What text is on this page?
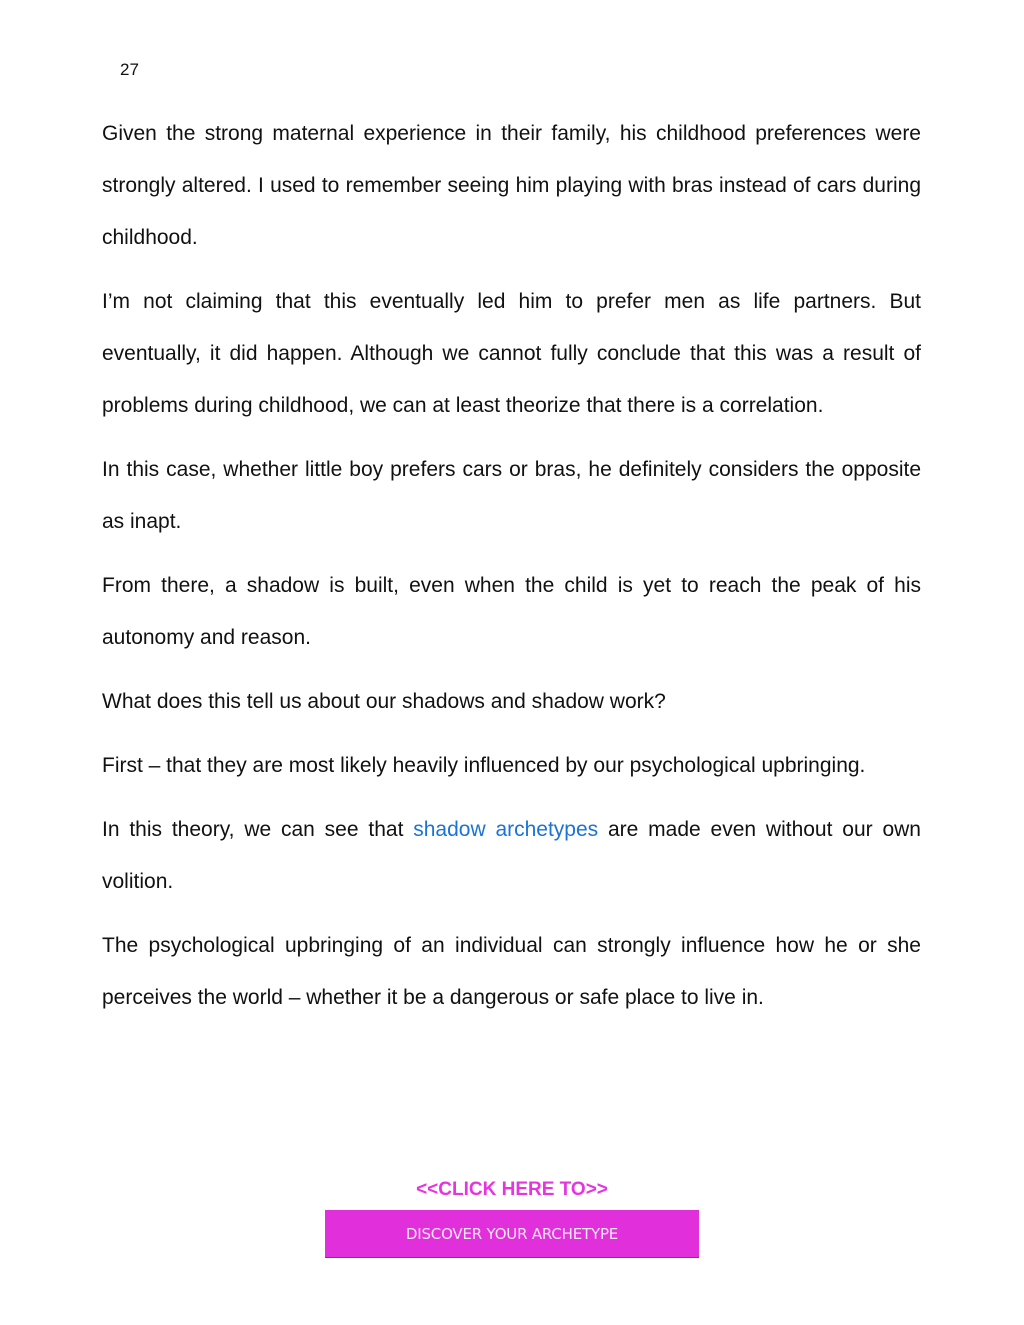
27

Given the strong maternal experience in their family, his childhood preferences were strongly altered. I used to remember seeing him playing with bras instead of cars during childhood.

I’m not claiming that this eventually led him to prefer men as life partners. But eventually, it did happen. Although we cannot fully conclude that this was a result of problems during childhood, we can at least theorize that there is a correlation.

In this case, whether little boy prefers cars or bras, he definitely considers the opposite as inapt.

From there, a shadow is built, even when the child is yet to reach the peak of his autonomy and reason.

What does this tell us about our shadows and shadow work?

First – that they are most likely heavily influenced by our psychological upbringing.

In this theory, we can see that shadow archetypes are made even without our own volition.

The psychological upbringing of an individual can strongly influence how he or she perceives the world – whether it be a dangerous or safe place to live in.

<<CLICK HERE TO>>
DISCOVER YOUR ARCHETYPE
